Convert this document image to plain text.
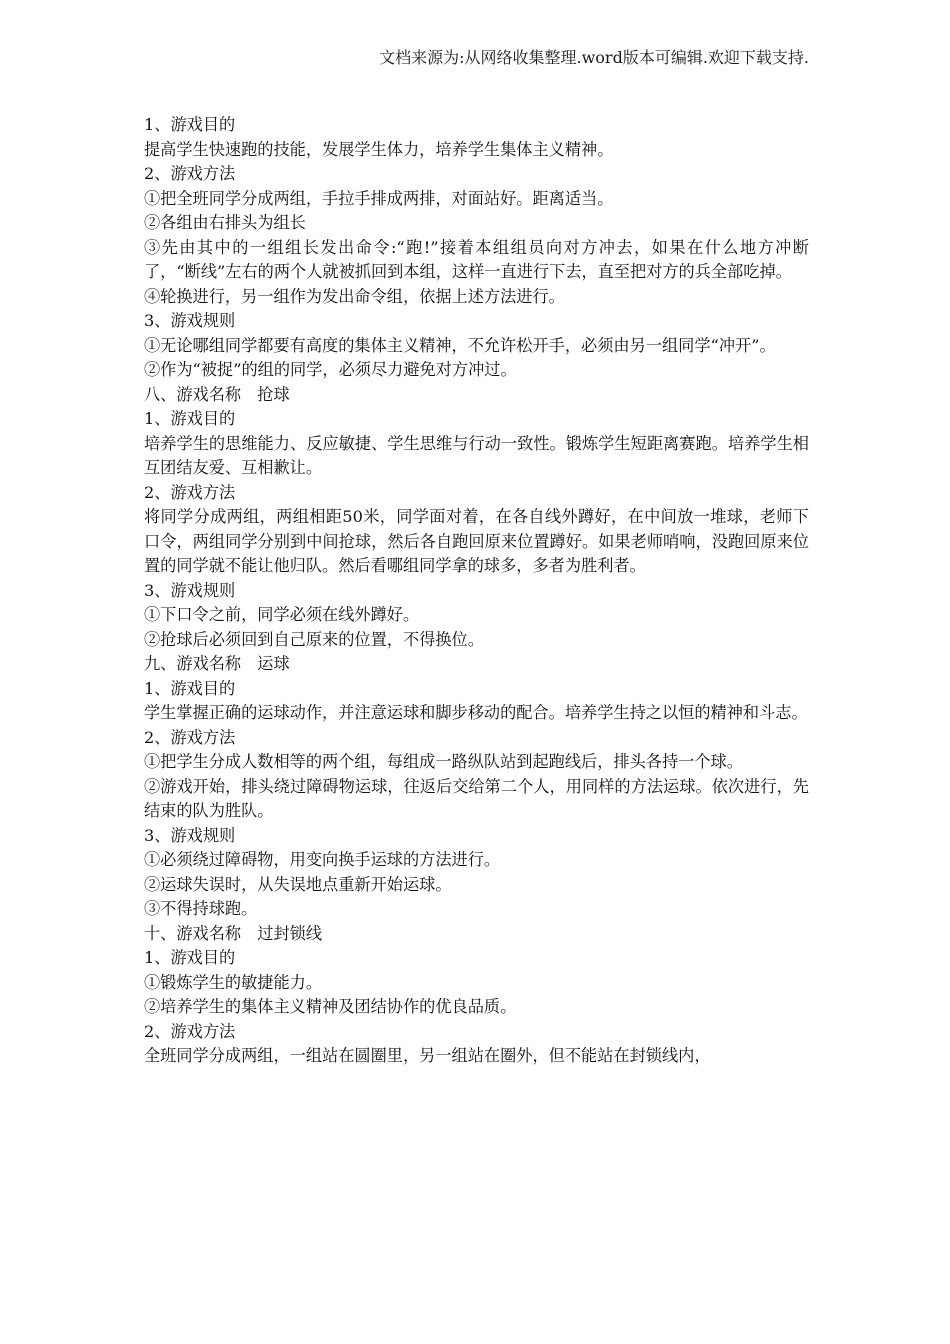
文档来源为:从网络收集整理.word版本可编辑.欢迎下载支持.

1、游戏目的

提高学生快速跑的技能，发展学生体力，培养学生集体主义精神。

2、游戏方法

①把全班同学分成两组，手拉手排成两排，对面站好。距离适当。

②各组由右排头为组长

③先由其中的一组组长发出命令:“跑!”接着本组组员向对方冲去，如果在什么地方冲断了，“断线”左右的两个人就被抓回到本组，这样一直进行下去，直至把对方的兵全部吃掉。

④轮换进行，另一组作为发出命令组，依据上述方法进行。

3、游戏规则

①无论哪组同学都要有高度的集体主义精神，不允许松开手，必须由另一组同学“冲开”。

②作为“被捉”的组的同学，必须尽力避免对方冲过。

八、游戏名称　抢球

1、游戏目的

培养学生的思维能力、反应敏捷、学生思维与行动一致性。锻炼学生短距离赛跑。培养学生相互团结友爱、互相歉让。

2、游戏方法

将同学分成两组，两组相距50米，同学面对着，在各自线外蹲好，在中间放一堆球，老师下口令，两组同学分别到中间抢球，然后各自跑回原来位置蹲好。如果老师哨响，没跑回原来位置的同学就不能让他归队。然后看哪组同学拿的球多，多者为胜利者。

3、游戏规则

①下口令之前，同学必须在线外蹲好。

②抢球后必须回到自己原来的位置，不得换位。

九、游戏名称　运球

1、游戏目的

学生掌握正确的运球动作，并注意运球和脚步移动的配合。培养学生持之以恒的精神和斗志。

2、游戏方法

①把学生分成人数相等的两个组，每组成一路纵队站到起跑线后，排头各持一个球。

②游戏开始，排头绕过障碍物运球，往返后交给第二个人，用同样的方法运球。依次进行，先结束的队为胜队。

3、游戏规则

①必须绕过障碍物，用变向换手运球的方法进行。

②运球失误时，从失误地点重新开始运球。

③不得持球跑。

十、游戏名称　过封锁线

1、游戏目的

①锻炼学生的敏捷能力。

②培养学生的集体主义精神及团结协作的优良品质。

2、游戏方法

全班同学分成两组，一组站在圆圈里，另一组站在圈外，但不能站在封锁线内，
